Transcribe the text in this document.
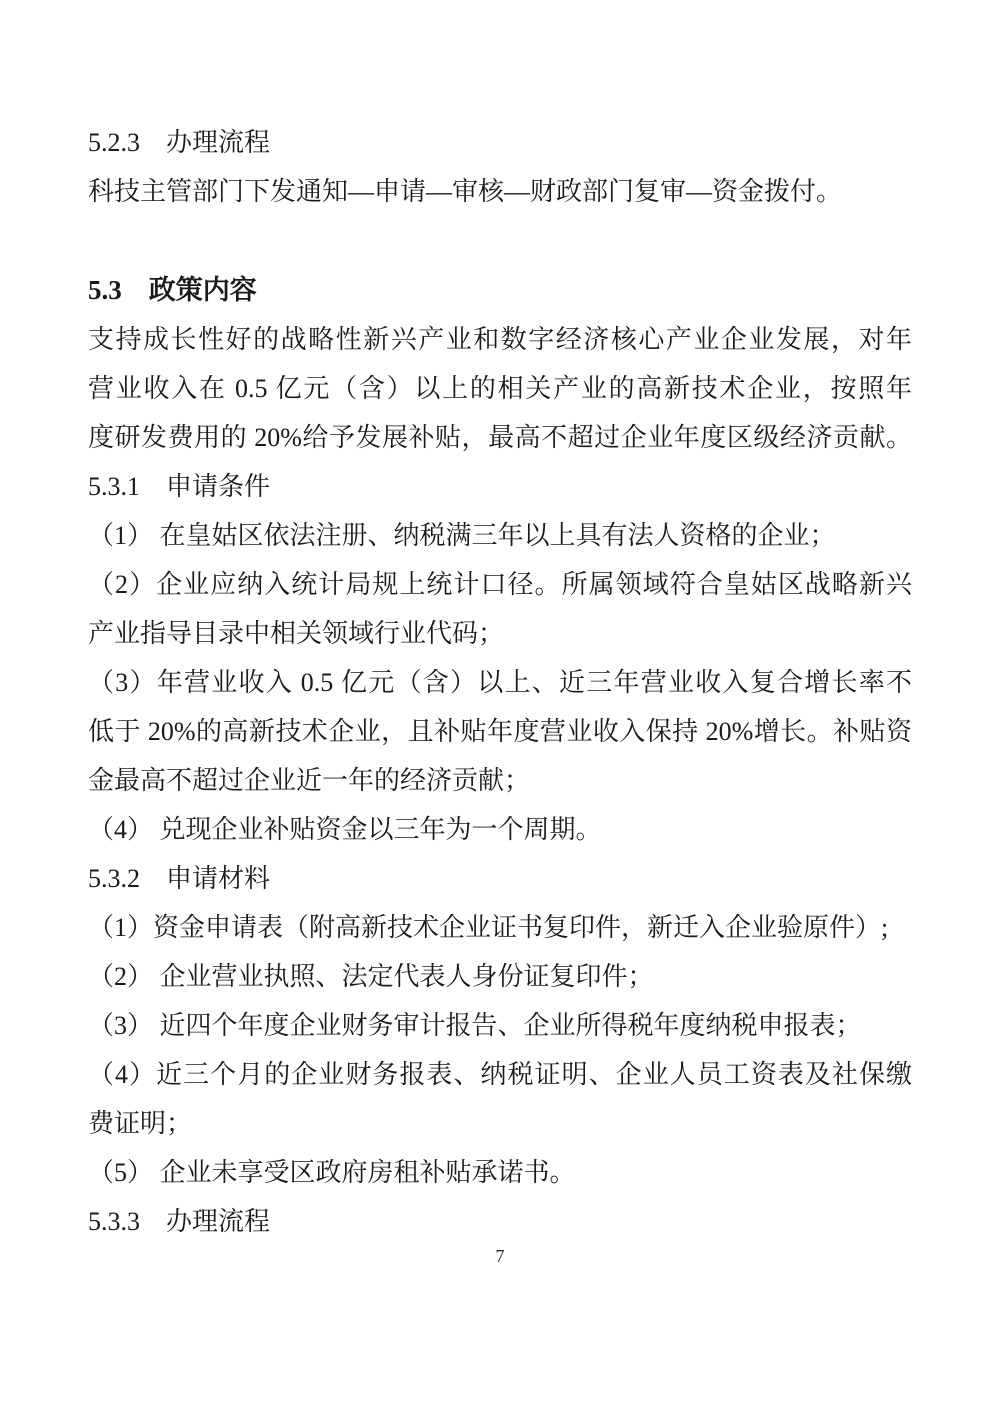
5.2.3 办理流程
科技主管部门下发通知—申请—审核—财政部门复审—资金拨付。
5.3 政策内容
支持成长性好的战略性新兴产业和数字经济核心产业企业发展，对年
营业收入在 0.5 亿元（含）以上的相关产业的高新技术企业，按照年
度研发费用的 20%给予发展补贴，最高不超过企业年度区级经济贡献。
5.3.1 申请条件
（1） 在皇姑区依法注册、纳税满三年以上具有法人资格的企业；
（2）企业应纳入统计局规上统计口径。所属领域符合皇姑区战略新兴
产业指导目录中相关领域行业代码；
（3）年营业收入 0.5 亿元（含）以上、近三年营业收入复合增长率不
低于 20%的高新技术企业，且补贴年度营业收入保持 20%增长。补贴资
金最高不超过企业近一年的经济贡献；
（4） 兑现企业补贴资金以三年为一个周期。
5.3.2 申请材料
（1）资金申请表（附高新技术企业证书复印件，新迁入企业验原件）;
（2） 企业营业执照、法定代表人身份证复印件；
（3） 近四个年度企业财务审计报告、企业所得税年度纳税申报表；
（4）近三个月的企业财务报表、纳税证明、企业人员工资表及社保缴
费证明；
（5） 企业未享受区政府房租补贴承诺书。
5.3.3 办理流程
7
